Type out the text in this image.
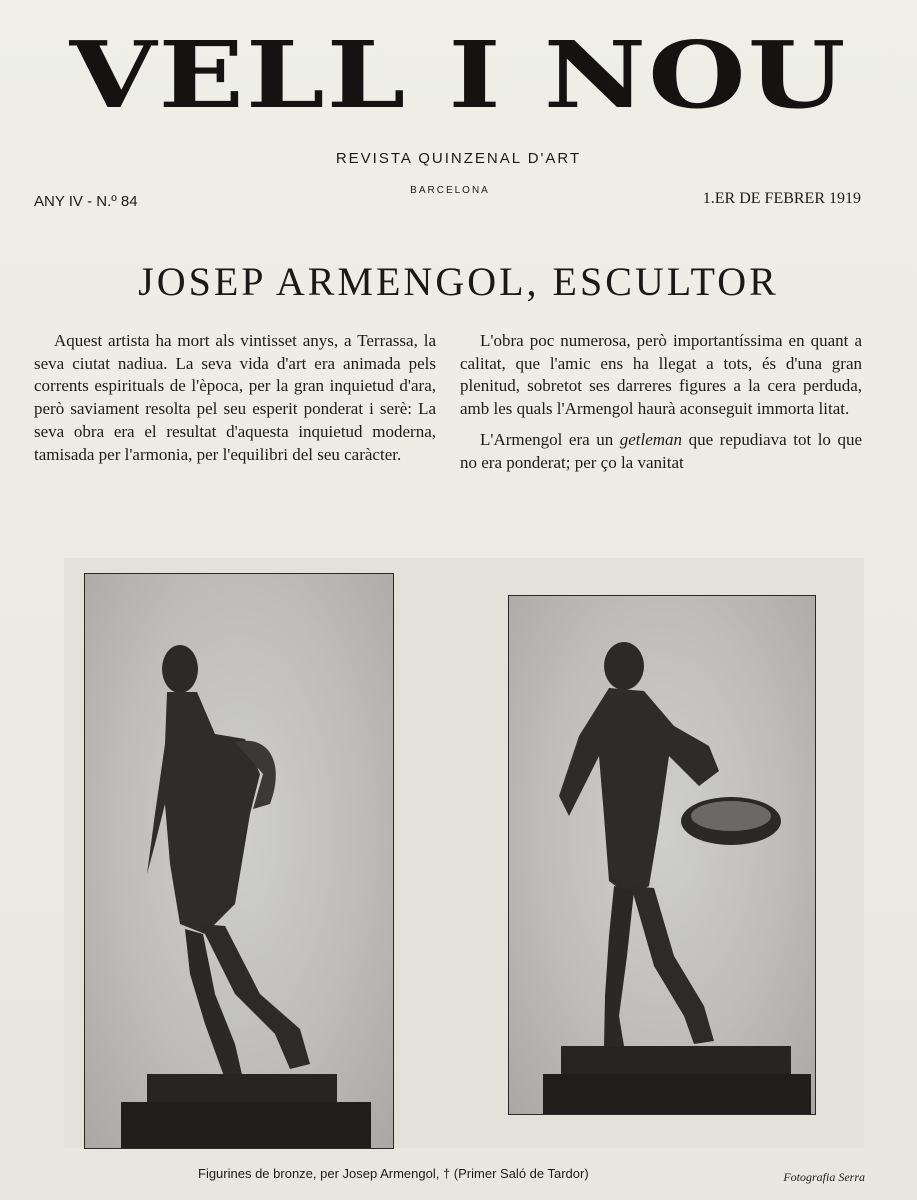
VELL I NOU
REVISTA QUINZENAL D'ART
BARCELONA
ANY IV - N.º 84	1.ER DE FEBRER 1919
JOSEP ARMENGOL, ESCULTOR

Aquest artista ha mort als vintisset anys, a Terrassa, la seva ciutat nadiua. La seva vida d'art era animada pels corrents espirituals de l'època, per la gran inquietud d'ara, però saviament resolta pel seu esperit ponderat i serè: La seva obra era el resultat d'aquesta inquietud moderna, tamisada per l'armonia, per l'equilibri del seu caràcter.

L'obra poc numerosa, però importantíssima en quant a calitat, que l'amic ens ha llegat a tots, és d'una gran plenitud, sobretot ses darreres figures a la cera perduda, amb les quals l'Armengol haurà aconseguit immorta litat.

L'Armengol era un getleman que repudiava tot lo que no era ponderat; per ço la vanitat

Figurines de bronze, per Josep Armengol, † (Primer Saló de Tardor)	Fotografia Serra
